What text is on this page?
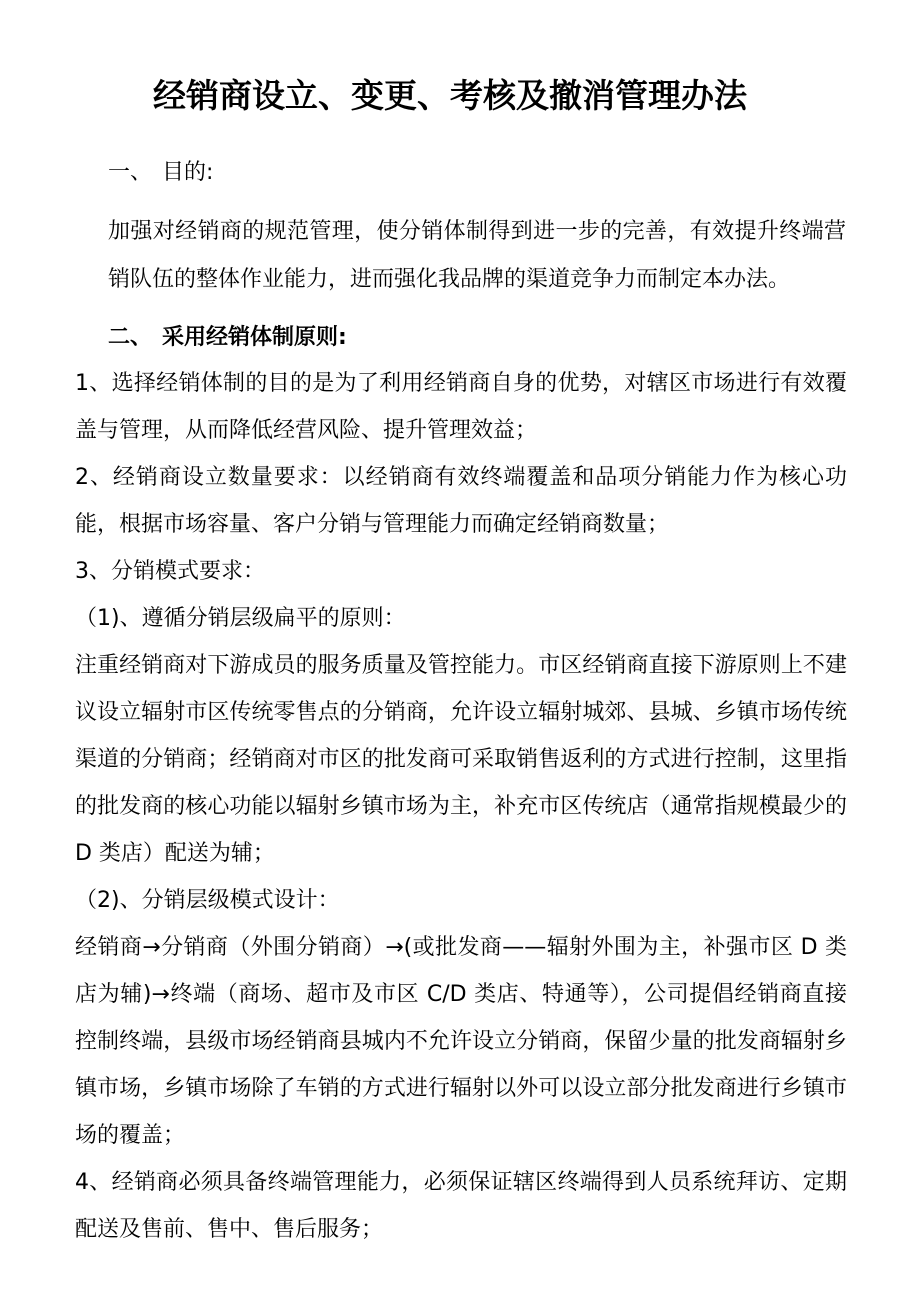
经销商设立、变更、考核及撤消管理办法
一、 目的:
加强对经销商的规范管理，使分销体制得到进一步的完善，有效提升终端营销队伍的整体作业能力，进而强化我品牌的渠道竞争力而制定本办法。
二、 采用经销体制原则:

1、选择经销体制的目的是为了利用经销商自身的优势，对辖区市场进行有效覆盖与管理，从而降低经营风险、提升管理效益；

2、经销商设立数量要求：以经销商有效终端覆盖和品项分销能力作为核心功能，根据市场容量、客户分销与管理能力而确定经销商数量；

3、分销模式要求：

（1)、遵循分销层级扁平的原则：

注重经销商对下游成员的服务质量及管控能力。市区经销商直接下游原则上不建议设立辐射市区传统零售点的分销商，允许设立辐射城郊、县城、乡镇市场传统渠道的分销商；经销商对市区的批发商可采取销售返利的方式进行控制，这里指的批发商的核心功能以辐射乡镇市场为主，补充市区传统店（通常指规模最少的 D 类店）配送为辅；

（2)、分销层级模式设计：

经销商→分销商（外围分销商）→(或批发商——辐射外围为主，补强市区 D 类店为辅)→终端（商场、超市及市区 C/D 类店、特通等），公司提倡经销商直接控制终端，县级市场经销商县城内不允许设立分销商，保留少量的批发商辐射乡镇市场，乡镇市场除了车销的方式进行辐射以外可以设立部分批发商进行乡镇市场的覆盖；

4、经销商必须具备终端管理能力，必须保证辖区终端得到人员系统拜访、定期配送及售前、售中、售后服务；
